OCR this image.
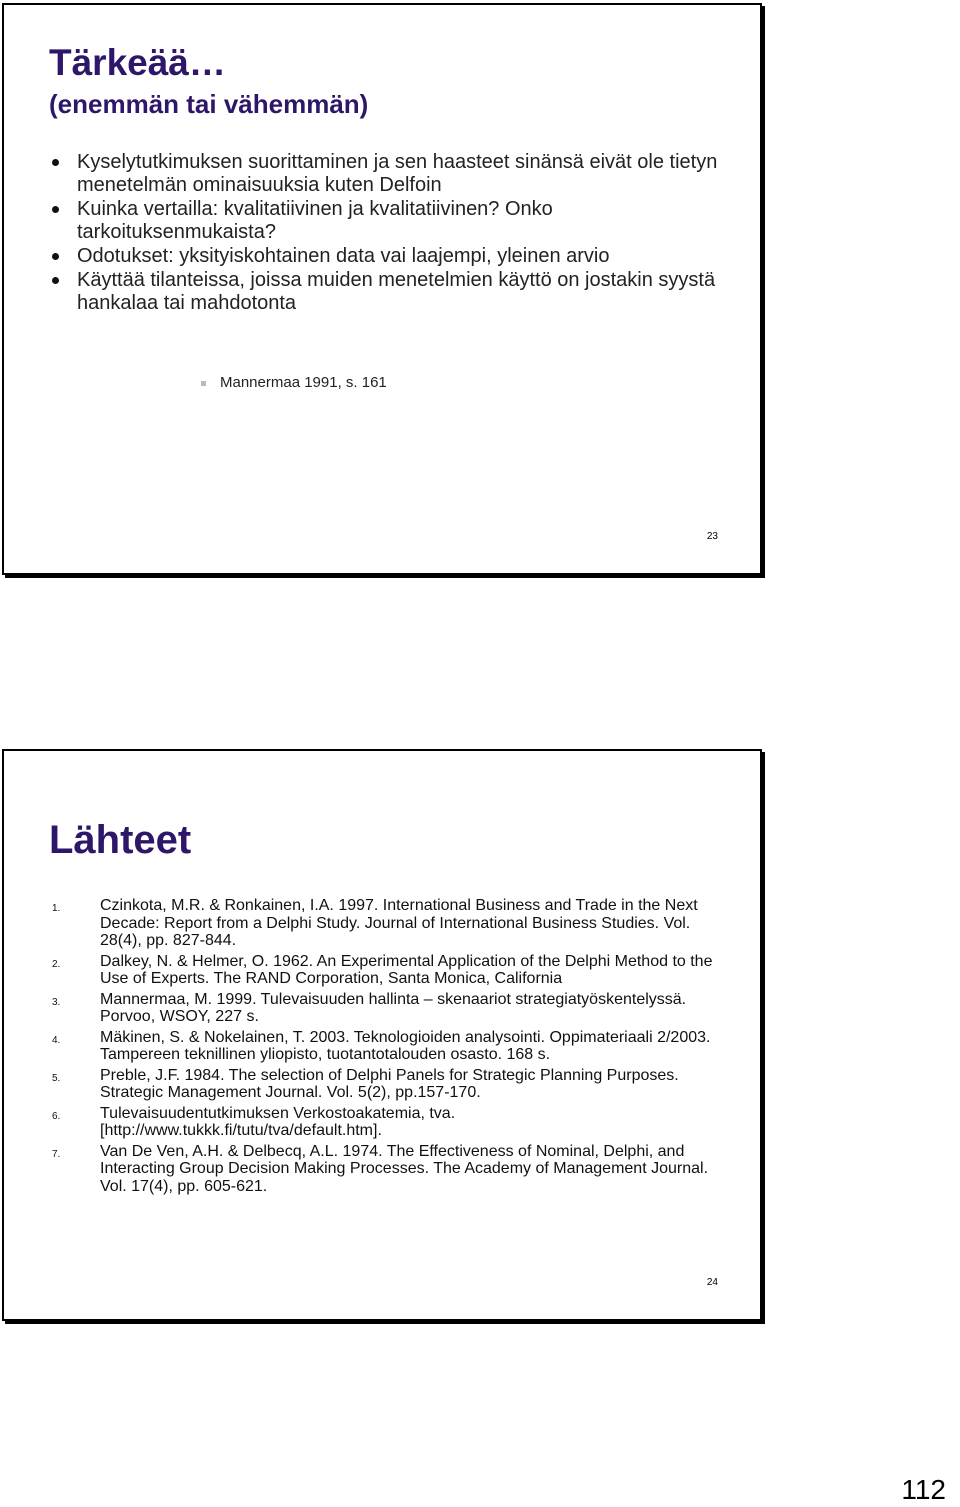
Tärkeää…
(enemmän tai vähemmän)
Kyselytutkimuksen suorittaminen ja sen haasteet sinänsä eivät ole tietyn menetelmän ominaisuuksia kuten Delfoin
Kuinka vertailla: kvalitatiivinen ja kvalitatiivinen? Onko tarkoituksenmukaista?
Odotukset: yksityiskohtainen data vai laajempi, yleinen arvio
Käyttää tilanteissa, joissa muiden menetelmien käyttö on jostakin syystä hankalaa tai mahdotonta
Mannermaa 1991, s. 161
23
Lähteet
1. Czinkota, M.R. & Ronkainen, I.A. 1997. International Business and Trade in the Next Decade: Report from a Delphi Study. Journal of International Business Studies. Vol. 28(4), pp. 827-844.
2. Dalkey, N. & Helmer, O. 1962. An Experimental Application of the Delphi Method to the Use of Experts. The RAND Corporation, Santa Monica, California
3. Mannermaa, M. 1999. Tulevaisuuden hallinta – skenaariot strategiatyöskentelyssä. Porvoo, WSOY, 227 s.
4. Mäkinen, S. & Nokelainen, T. 2003. Teknologioiden analysointi. Oppimateriaali 2/2003. Tampereen teknillinen yliopisto, tuotantotalouden osasto. 168 s.
5. Preble, J.F. 1984. The selection of Delphi Panels for Strategic Planning Purposes. Strategic Management Journal. Vol. 5(2), pp.157-170.
6. Tulevaisuudentutkimuksen Verkostoakatemia, tva. [http://www.tukkk.fi/tutu/tva/default.htm].
7. Van De Ven, A.H. & Delbecq, A.L. 1974. The Effectiveness of Nominal, Delphi, and Interacting Group Decision Making Processes. The Academy of Management Journal. Vol. 17(4), pp. 605-621.
24
112
